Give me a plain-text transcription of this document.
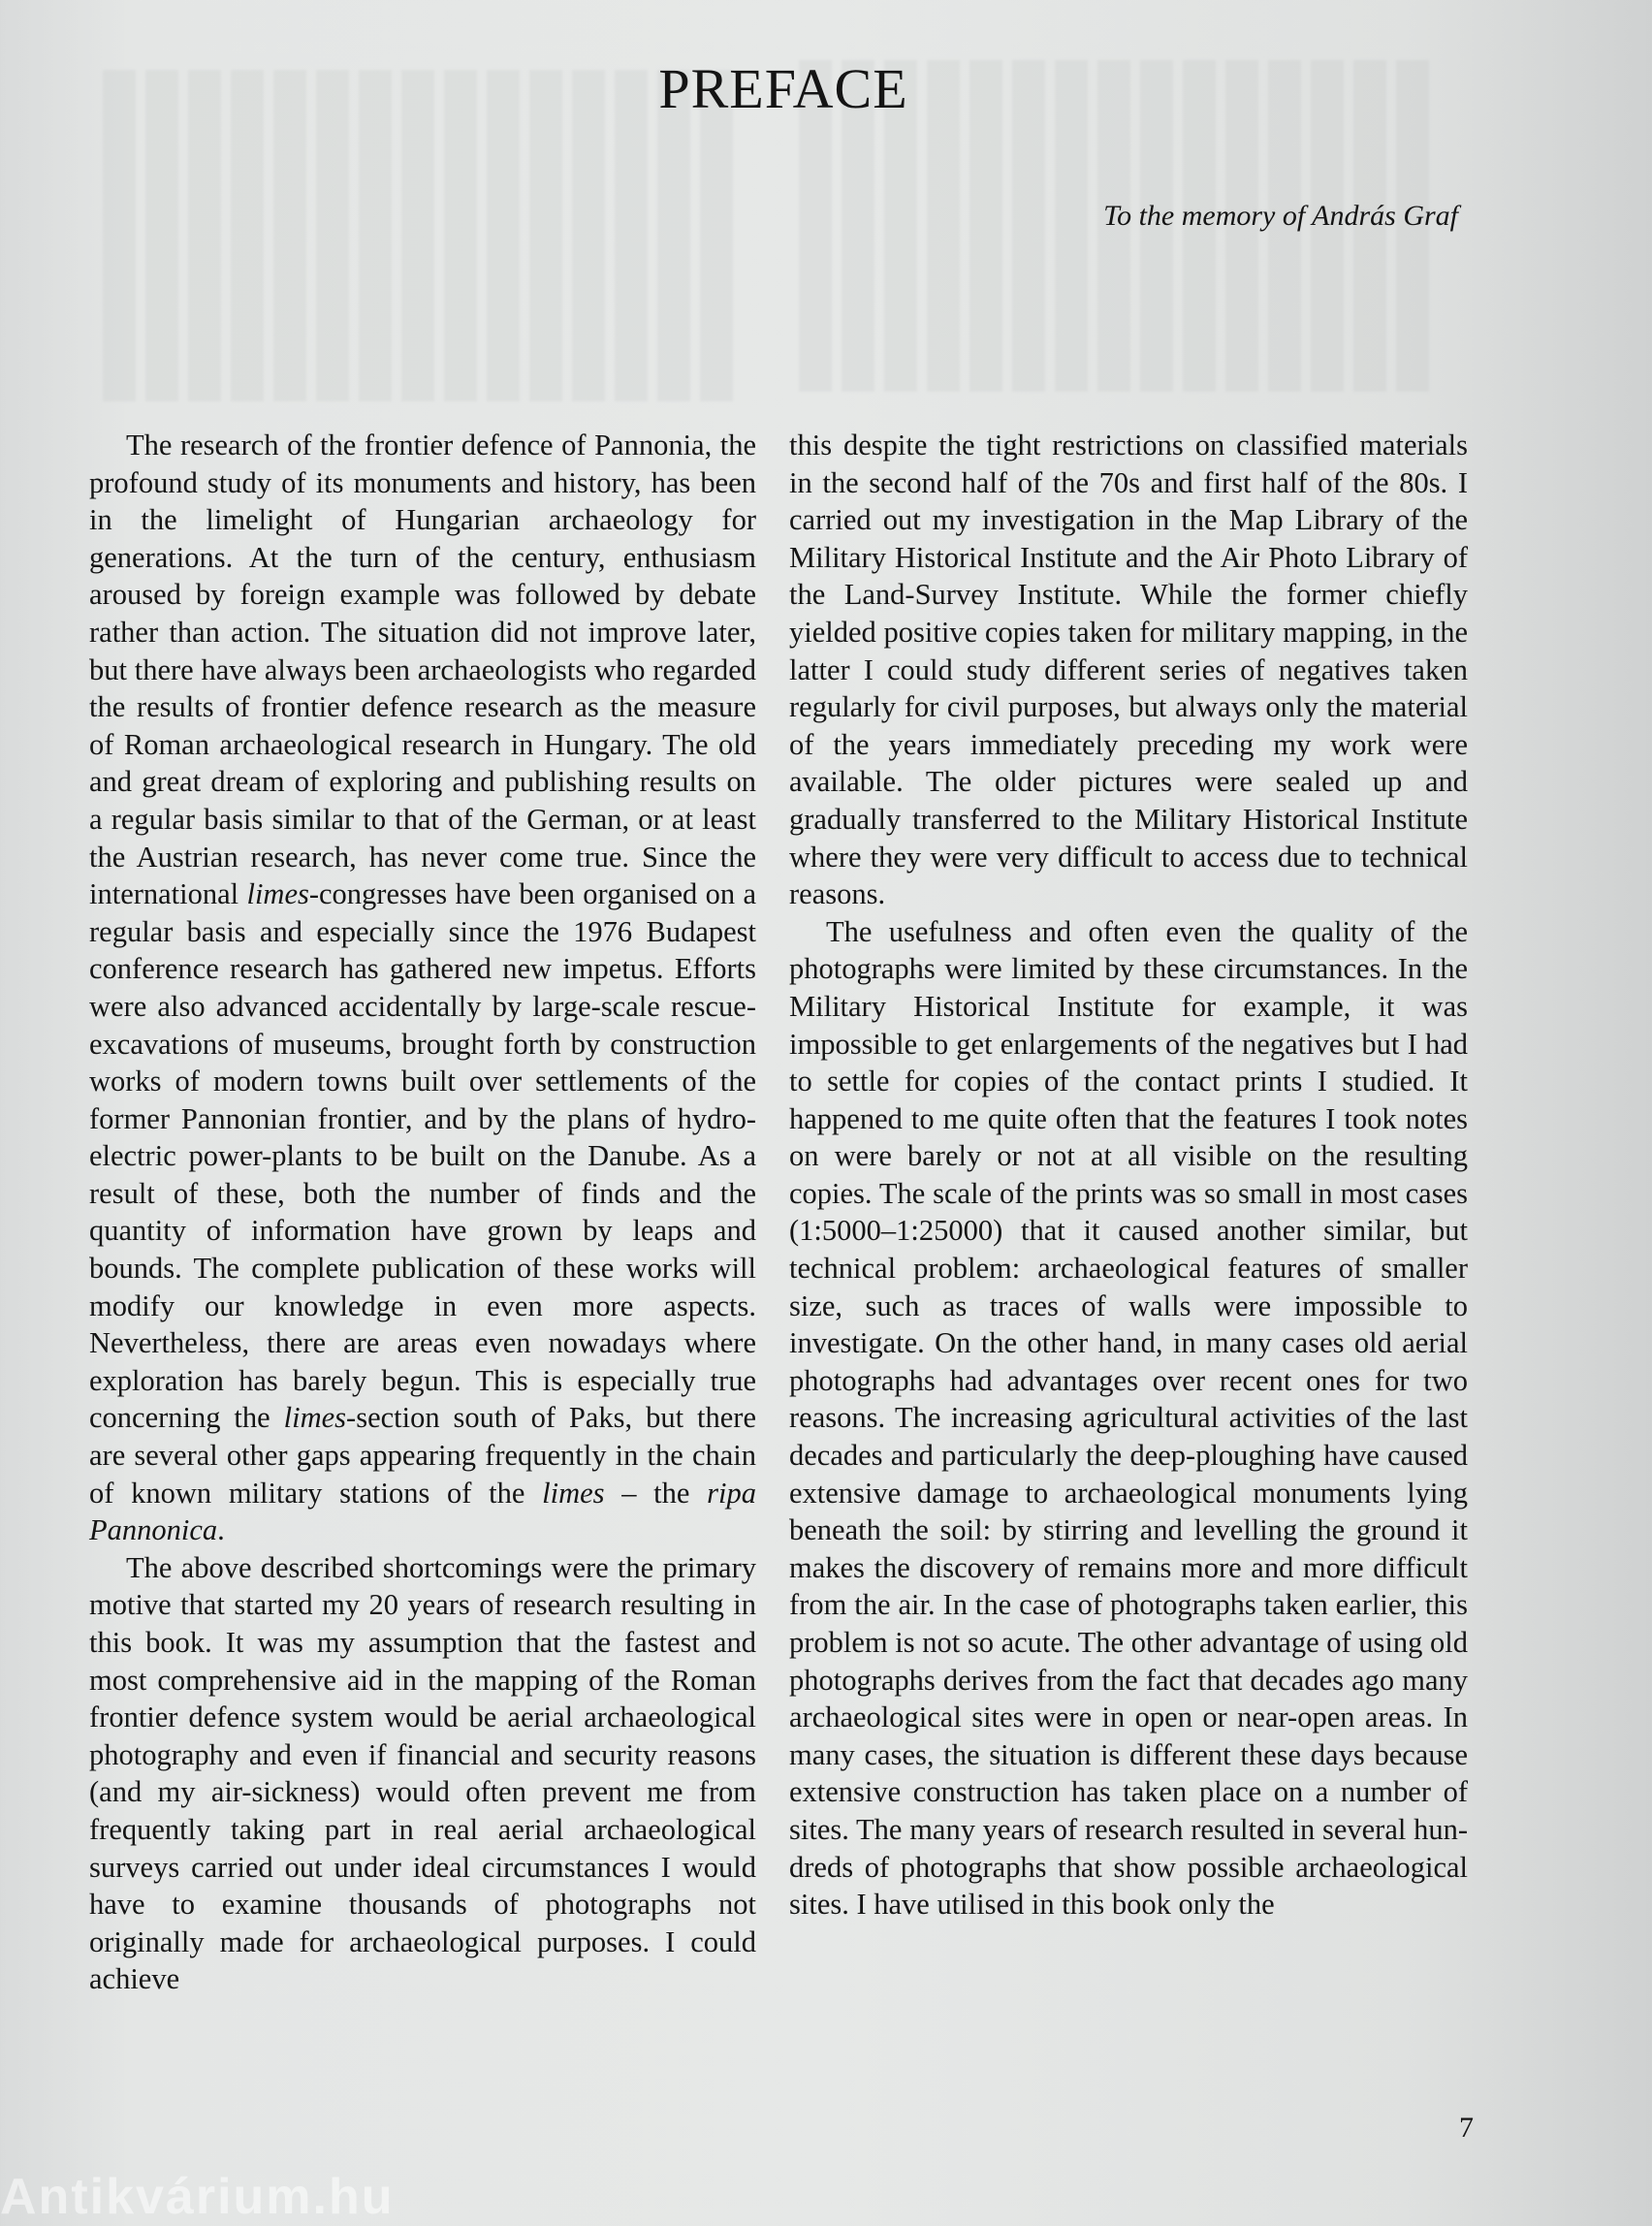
PREFACE

To the memory of András Graf

The research of the frontier defence of Pannonia, the profound study of its monuments and history, has been in the limelight of Hungarian archaeology for generations. At the turn of the century, enthusiasm aroused by foreign example was followed by debate rather than action. The situation did not improve later, but there have always been archaeologists who regarded the results of frontier defence research as the measure of Roman archaeological research in Hungary. The old and great dream of exploring and publishing results on a regular basis similar to that of the German, or at least the Austrian research, has never come true. Since the international limes-congresses have been organised on a regular basis and especially since the 1976 Budapest conference research has gathered new impetus. Efforts were also advanced accidentally by large-scale rescue-excavations of museums, brought forth by construction works of modern towns built over settlements of the former Pannonian frontier, and by the plans of hydro-electric power-plants to be built on the Danube. As a result of these, both the number of finds and the quantity of information have grown by leaps and bounds. The complete publication of these works will modify our knowledge in even more aspects. Nevertheless, there are areas even nowadays where exploration has barely begun. This is especially true concerning the limes-section south of Paks, but there are several other gaps appearing frequently in the chain of known military stations of the limes – the ripa Pannonica.

The above described shortcomings were the primary motive that started my 20 years of research resulting in this book. It was my assumption that the fastest and most comprehensive aid in the mapping of the Roman frontier defence system would be aerial archaeological photography and even if financial and security reasons (and my air-sickness) would often prevent me from frequently taking part in real aerial archaeological surveys carried out under ideal circumstances I would have to examine thousands of photographs not originally made for archaeological purposes. I could achieve

this despite the tight restrictions on classified materials in the second half of the 70s and first half of the 80s. I carried out my investigation in the Map Library of the Military Historical Institute and the Air Photo Library of the Land-Survey Institute. While the former chiefly yielded positive copies taken for military mapping, in the latter I could study different series of negatives taken regularly for civil purposes, but always only the material of the years immediately preceding my work were available. The older pictures were sealed up and gradually transferred to the Military Historical Institute where they were very difficult to access due to technical reasons.

The usefulness and often even the quality of the photographs were limited by these circumstances. In the Military Historical Institute for example, it was impossible to get enlargements of the negatives but I had to settle for copies of the contact prints I studied. It happened to me quite often that the features I took notes on were barely or not at all visible on the resulting copies. The scale of the prints was so small in most cases (1:5000–1:25000) that it caused another similar, but technical problem: archaeological features of smaller size, such as traces of walls were impossible to investigate. On the other hand, in many cases old aerial photographs had advantages over recent ones for two reasons. The increasing agricultural activities of the last decades and particularly the deep-ploughing have caused extensive damage to archaeological monuments lying beneath the soil: by stirring and levelling the ground it makes the discovery of remains more and more difficult from the air. In the case of photographs taken earlier, this problem is not so acute. The other advantage of using old photographs derives from the fact that decades ago many archaeological sites were in open or near-open areas. In many cases, the situation is different these days because extensive construction has taken place on a number of sites. The many years of research resulted in several hundreds of photographs that show possible archaeological sites. I have utilised in this book only the

7

Antikvárium.hu
